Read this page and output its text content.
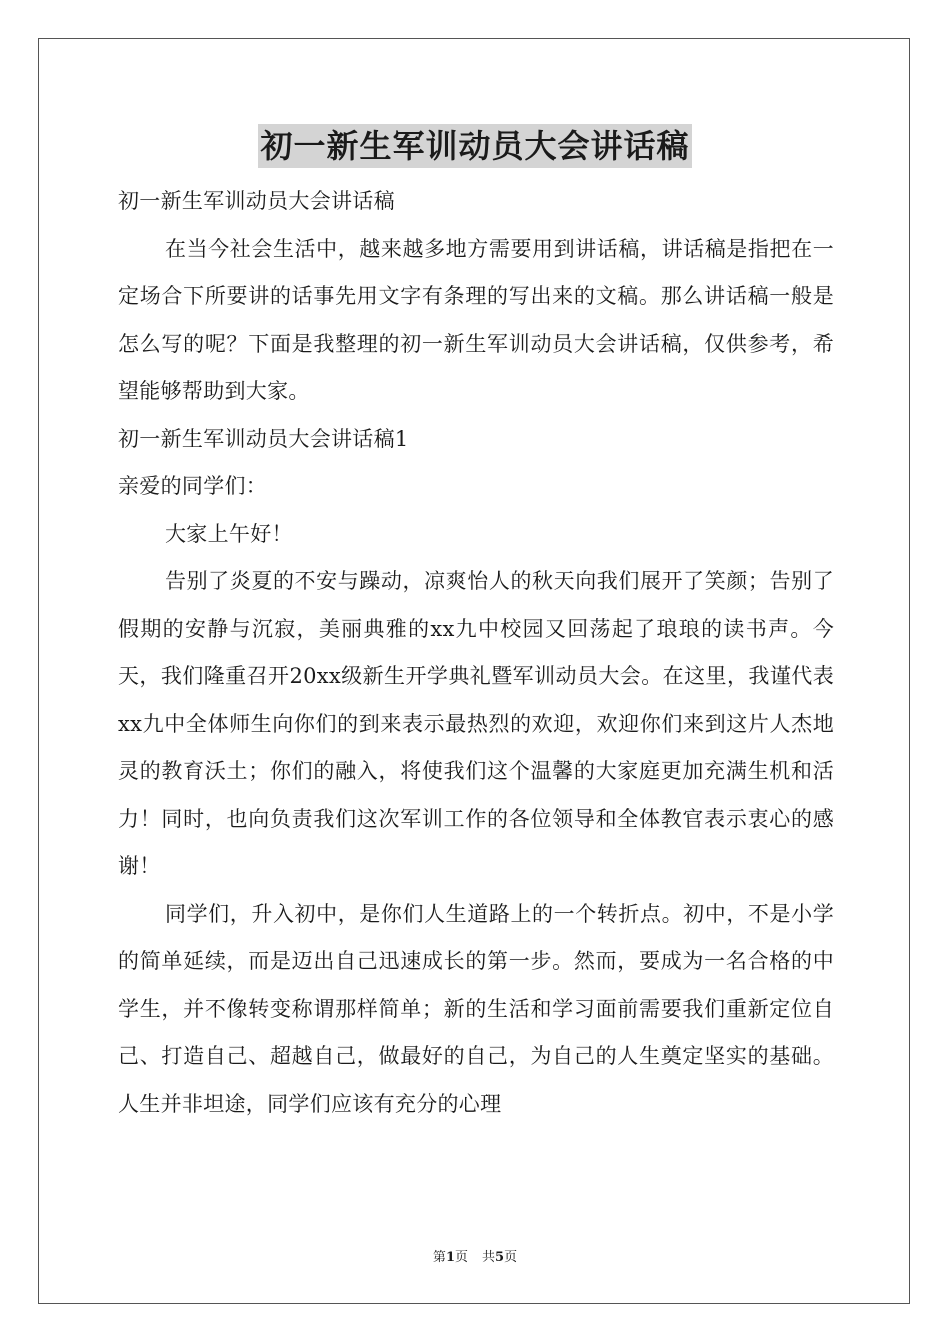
初一新生军训动员大会讲话稿

初一新生军训动员大会讲话稿

在当今社会生活中，越来越多地方需要用到讲话稿，讲话稿是指把在一定场合下所要讲的话事先用文字有条理的写出来的文稿。那么讲话稿一般是怎么写的呢？下面是我整理的初一新生军训动员大会讲话稿，仅供参考，希望能够帮助到大家。

初一新生军训动员大会讲话稿1

亲爱的同学们：

大家上午好！

告别了炎夏的不安与躁动，凉爽怡人的秋天向我们展开了笑颜；告别了假期的安静与沉寂，美丽典雅的xx九中校园又回荡起了琅琅的读书声。今天，我们隆重召开20xx级新生开学典礼暨军训动员大会。在这里，我谨代表xx九中全体师生向你们的到来表示最热烈的欢迎，欢迎你们来到这片人杰地灵的教育沃土；你们的融入，将使我们这个温馨的大家庭更加充满生机和活力！同时，也向负责我们这次军训工作的各位领导和全体教官表示衷心的感谢！

同学们，升入初中，是你们人生道路上的一个转折点。初中，不是小学的简单延续，而是迈出自己迅速成长的第一步。然而，要成为一名合格的中学生，并不像转变称谓那样简单；新的生活和学习面前需要我们重新定位自己、打造自己、超越自己，做最好的自己，为自己的人生奠定坚实的基础。人生并非坦途，同学们应该有充分的心理

第1页 共5页
